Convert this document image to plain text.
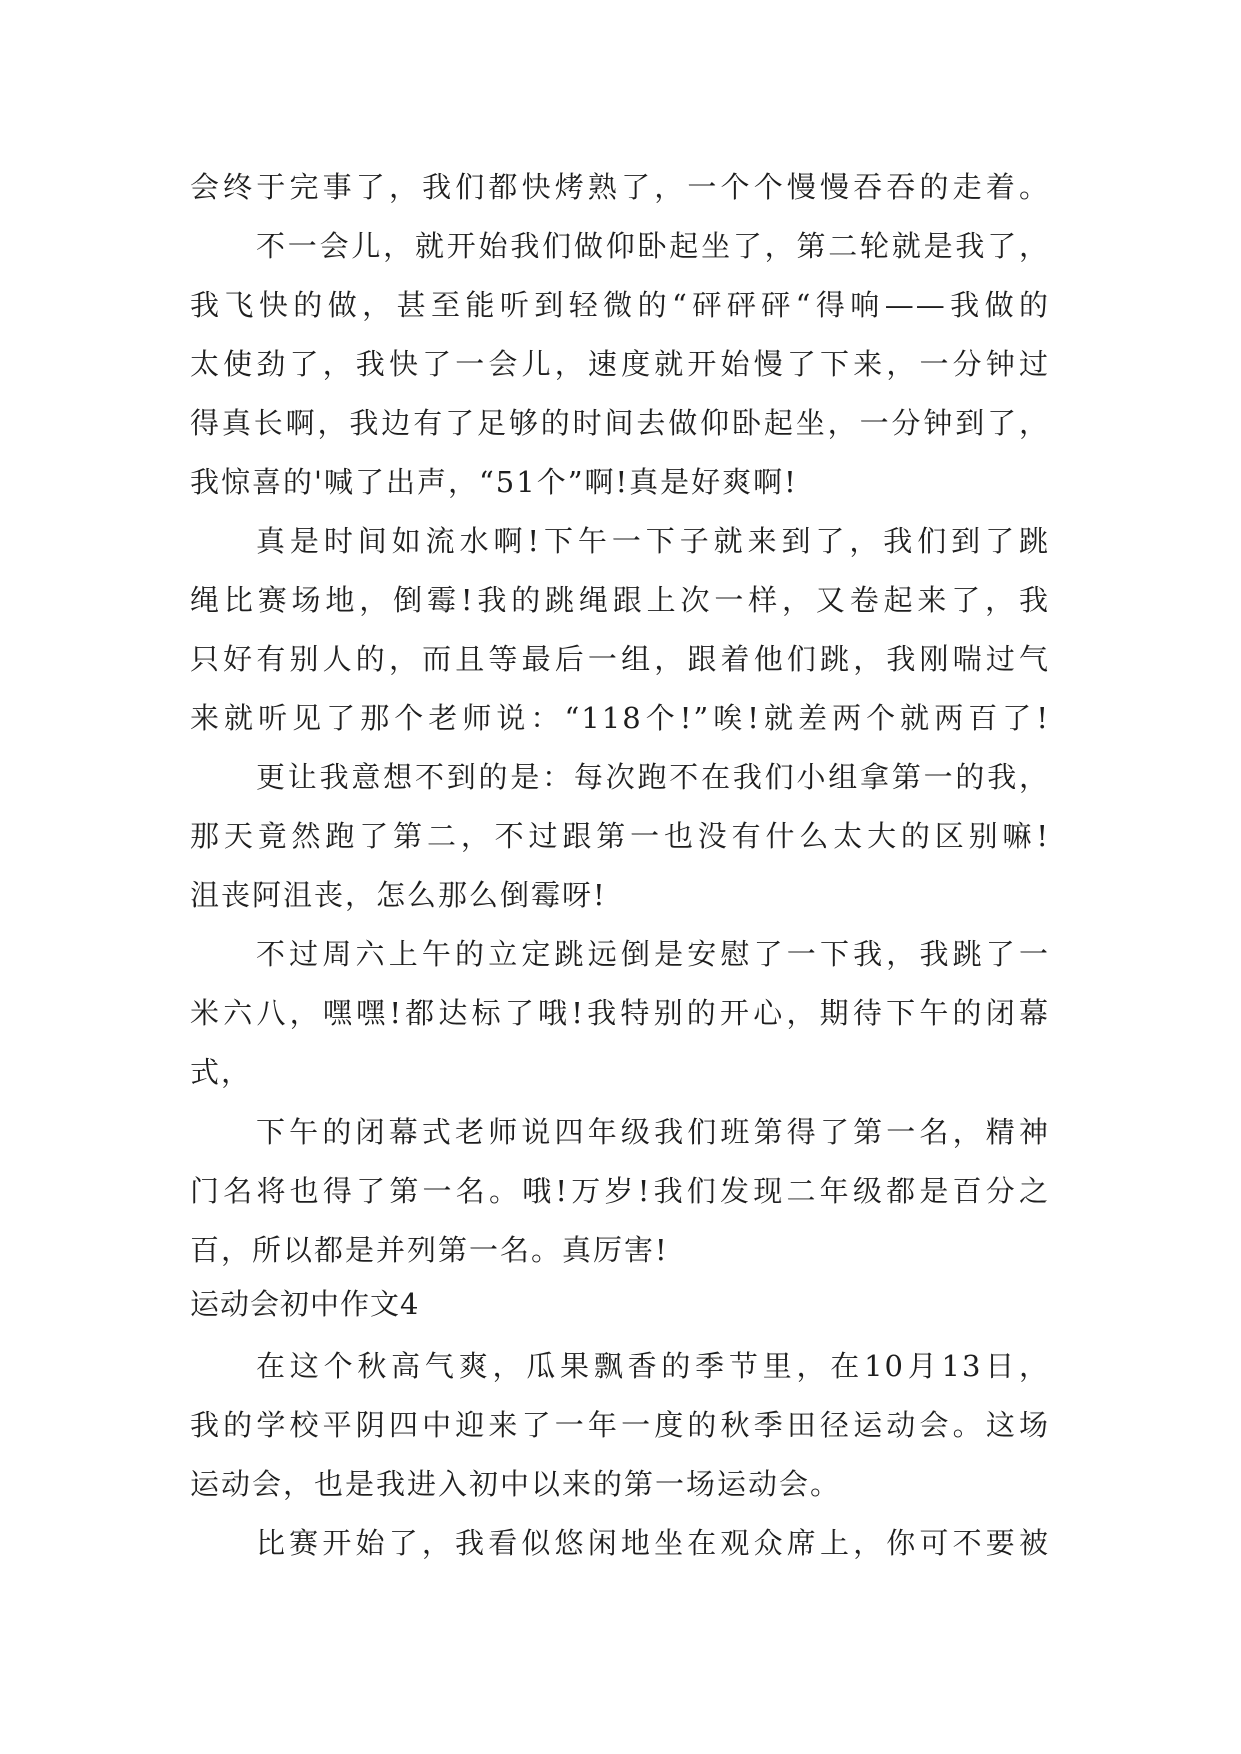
会终于完事了，我们都快烤熟了，一个个慢慢吞吞的走着。
不一会儿，就开始我们做仰卧起坐了，第二轮就是我了，
我飞快的做，甚至能听到轻微的“砰砰砰“得响——我做的
太使劲了，我快了一会儿，速度就开始慢了下来，一分钟过
得真长啊，我边有了足够的时间去做仰卧起坐，一分钟到了，
我惊喜的'喊了出声，“51个”啊!真是好爽啊!
真是时间如流水啊!下午一下子就来到了，我们到了跳
绳比赛场地，倒霉!我的跳绳跟上次一样，又卷起来了，我
只好有别人的，而且等最后一组，跟着他们跳，我刚喘过气
来就听见了那个老师说：“118个!”唉!就差两个就两百了!
更让我意想不到的是：每次跑不在我们小组拿第一的我，
那天竟然跑了第二，不过跟第一也没有什么太大的区别嘛!
沮丧阿沮丧，怎么那么倒霉呀!
不过周六上午的立定跳远倒是安慰了一下我，我跳了一
米六八，嘿嘿!都达标了哦!我特别的开心，期待下午的闭幕
式，
下午的闭幕式老师说四年级我们班第得了第一名，精神
门名将也得了第一名。哦!万岁!我们发现二年级都是百分之
百，所以都是并列第一名。真厉害!
运动会初中作文4
在这个秋高气爽，瓜果飘香的季节里，在10月13日，
我的学校平阴四中迎来了一年一度的秋季田径运动会。这场
运动会，也是我进入初中以来的第一场运动会。
比赛开始了，我看似悠闲地坐在观众席上，你可不要被
